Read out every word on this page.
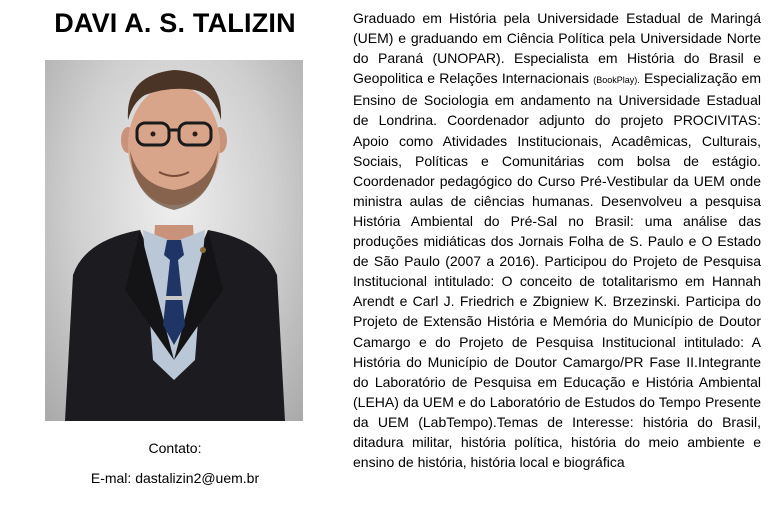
DAVI A. S. TALIZIN
Contato:
E-mal: dastalizin2@uem.br

Graduado em História pela Universidade Estadual de Maringá (UEM) e graduando em Ciência Política pela Universidade Norte do Paraná (UNOPAR). Especialista em História do Brasil e Geopolitica e Relações Internacionais (BookPlay). Especialização em Ensino de Sociologia em andamento na Universidade Estadual de Londrina. Coordenador adjunto do projeto PROCIVITAS: Apoio como Atividades Institucionais, Acadêmicas, Culturais, Sociais, Políticas e Comunitárias com bolsa de estágio. Coordenador pedagógico do Curso Pré-Vestibular da UEM onde ministra aulas de ciências humanas. Desenvolveu a pesquisa História Ambiental do Pré-Sal no Brasil: uma análise das produções midiáticas dos Jornais Folha de S. Paulo e O Estado de São Paulo (2007 a 2016). Participou do Projeto de Pesquisa Institucional intitulado: O conceito de totalitarismo em Hannah Arendt e Carl J. Friedrich e Zbigniew K. Brzezinski. Participa do Projeto de Extensão História e Memória do Município de Doutor Camargo e do Projeto de Pesquisa Institucional intitulado: A História do Município de Doutor Camargo/PR Fase II.Integrante do Laboratório de Pesquisa em Educação e História Ambiental (LEHA) da UEM e do Laboratório de Estudos do Tempo Presente da UEM (LabTempo).Temas de Interesse: história do Brasil, ditadura militar, história política, história do meio ambiente e ensino de história, história local e biográfica
